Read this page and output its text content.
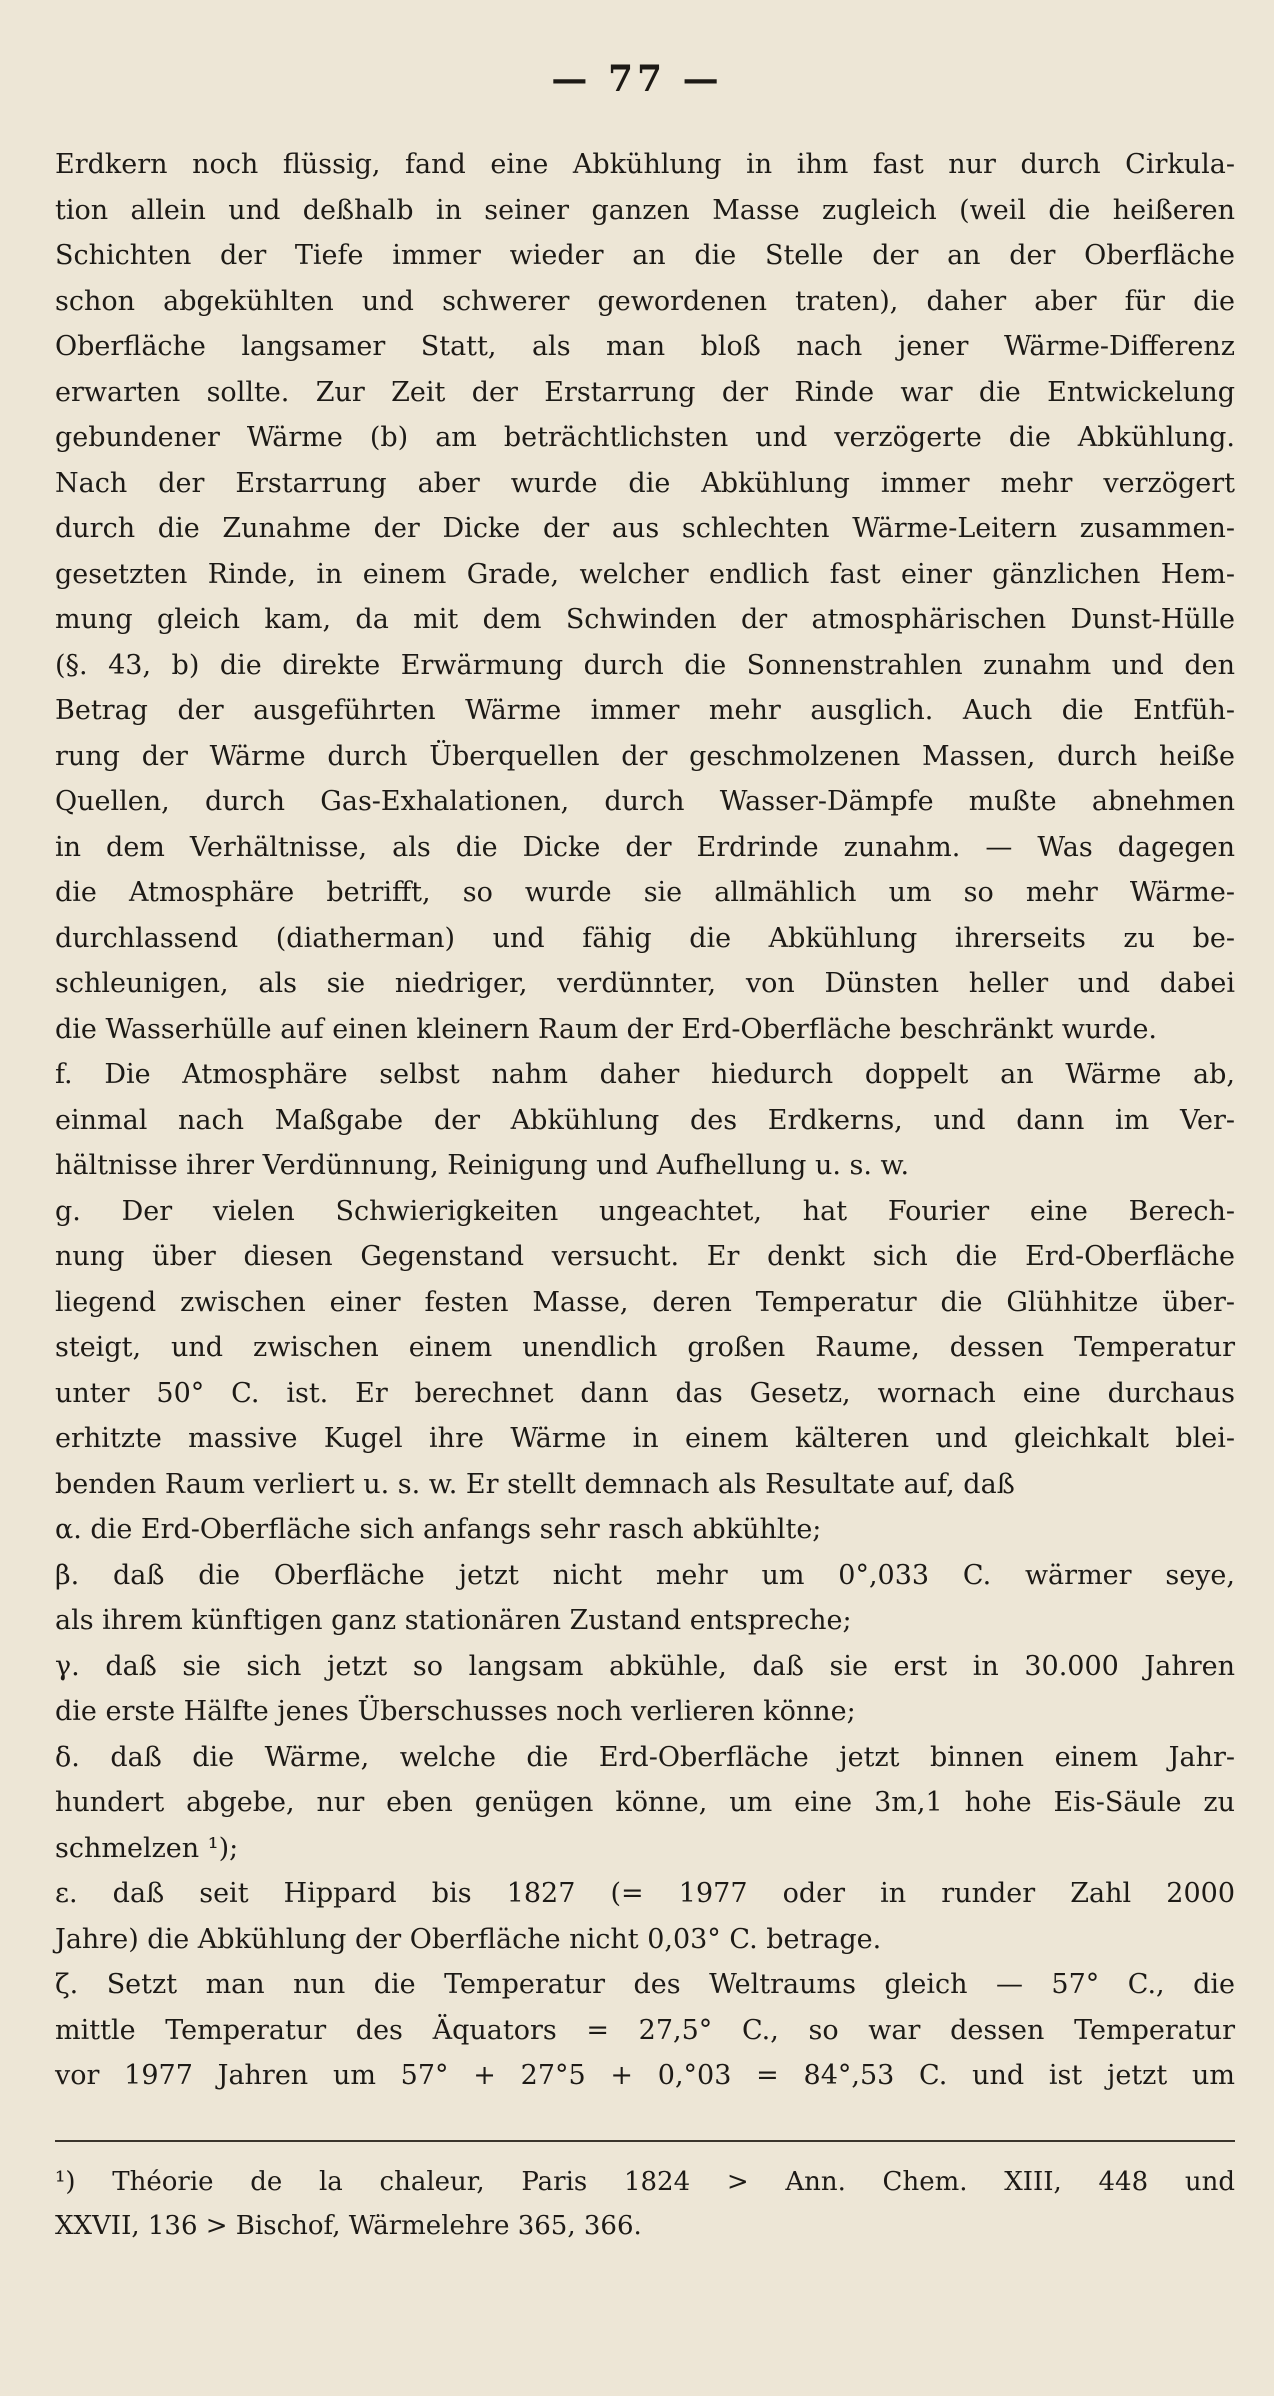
— 77 —
Erdkern noch flüssig, fand eine Abkühlung in ihm fast nur durch Cirkula-
tion allein und deßhalb in seiner ganzen Masse zugleich (weil die heißeren
Schichten der Tiefe immer wieder an die Stelle der an der Oberfläche
schon abgekühlten und schwerer gewordenen traten), daher aber für die
Oberfläche langsamer Statt, als man bloß nach jener Wärme-Differenz
erwarten sollte. Zur Zeit der Erstarrung der Rinde war die Entwickelung
gebundener Wärme (b) am beträchtlichsten und verzögerte die Abkühlung.
Nach der Erstarrung aber wurde die Abkühlung immer mehr verzögert
durch die Zunahme der Dicke der aus schlechten Wärme-Leitern zusammen-
gesetzten Rinde, in einem Grade, welcher endlich fast einer gänzlichen Hem-
mung gleich kam, da mit dem Schwinden der atmosphärischen Dunst-Hülle
(§. 43, b) die direkte Erwärmung durch die Sonnenstrahlen zunahm und den
Betrag der ausgeführten Wärme immer mehr ausglich. Auch die Entfüh-
rung der Wärme durch Überquellen der geschmolzenen Massen, durch heiße
Quellen, durch Gas-Exhalationen, durch Wasser-Dämpfe mußte abnehmen
in dem Verhältnisse, als die Dicke der Erdrinde zunahm. — Was dagegen
die Atmosphäre betrifft, so wurde sie allmählich um so mehr Wärme-
durchlassend (diatherman) und fähig die Abkühlung ihrerseits zu be-
schleunigen, als sie niedriger, verdünnter, von Dünsten heller und dabei
die Wasserhülle auf einen kleinern Raum der Erd-Oberfläche beschränkt wurde.
f. Die Atmosphäre selbst nahm daher hiedurch doppelt an Wärme ab,
einmal nach Maßgabe der Abkühlung des Erdkerns, und dann im Ver-
hältnisse ihrer Verdünnung, Reinigung und Aufhellung u. s. w.
g. Der vielen Schwierigkeiten ungeachtet, hat Fourier eine Berech-
nung über diesen Gegenstand versucht. Er denkt sich die Erd-Oberfläche
liegend zwischen einer festen Masse, deren Temperatur die Glühhitze über-
steigt, und zwischen einem unendlich großen Raume, dessen Temperatur
unter 50° C. ist. Er berechnet dann das Gesetz, wornach eine durchaus
erhitzte massive Kugel ihre Wärme in einem kälteren und gleichkalt blei-
benden Raum verliert u. s. w. Er stellt demnach als Resultate auf, daß
α. die Erd-Oberfläche sich anfangs sehr rasch abkühlte;
β. daß die Oberfläche jetzt nicht mehr um 0°,033 C. wärmer seye,
als ihrem künftigen ganz stationären Zustand entspreche;
γ. daß sie sich jetzt so langsam abkühle, daß sie erst in 30.000 Jahren
die erste Hälfte jenes Überschusses noch verlieren könne;
δ. daß die Wärme, welche die Erd-Oberfläche jetzt binnen einem Jahr-
hundert abgebe, nur eben genügen könne, um eine 3m,1 hohe Eis-Säule zu
schmelzen ¹);
ε. daß seit Hippard bis 1827 (= 1977 oder in runder Zahl 2000
Jahre) die Abkühlung der Oberfläche nicht 0,03° C. betrage.
ζ. Setzt man nun die Temperatur des Weltraums gleich — 57° C., die
mittle Temperatur des Äquators = 27,5° C., so war dessen Temperatur
vor 1977 Jahren um 57° + 27°5 + 0,°03 = 84°,53 C. und ist jetzt um
¹) Théorie de la chaleur, Paris 1824 > Ann. Chem. XIII, 448 und
XXVII, 136 > Bischof, Wärmelehre 365, 366.
